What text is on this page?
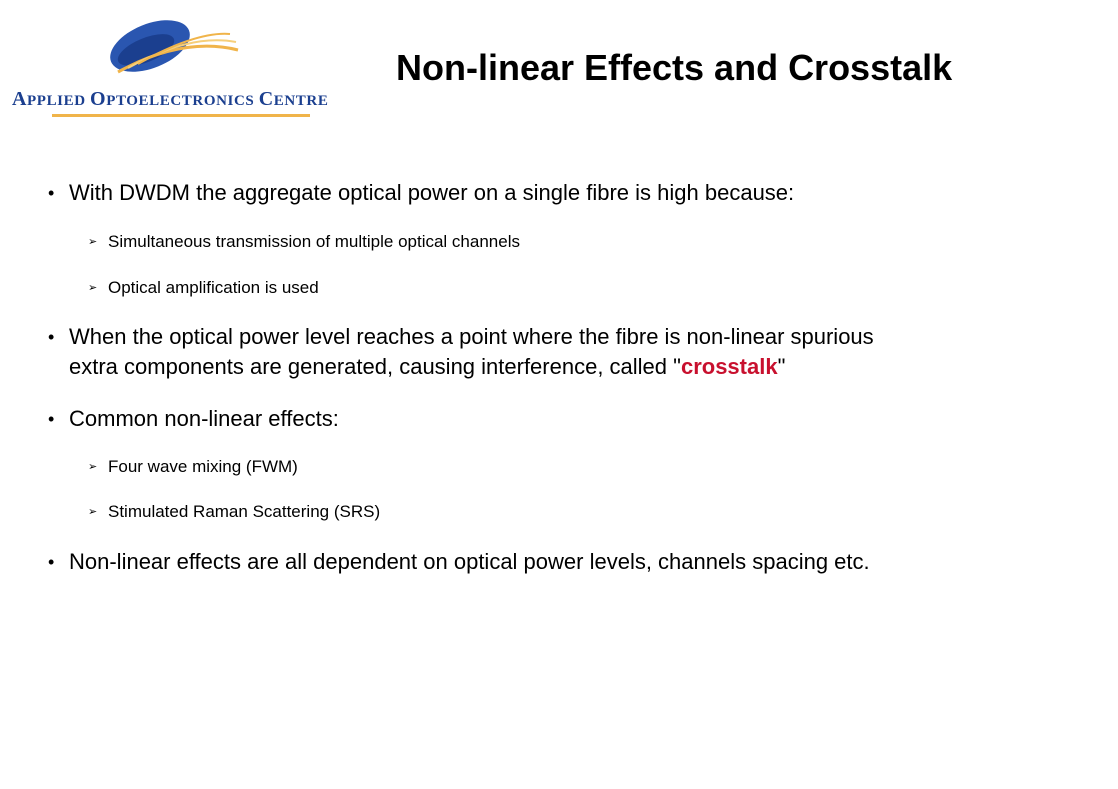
APPLIED OPTOELECTRONICS CENTRE
Non-linear Effects and Crosstalk
• With DWDM the aggregate optical power on a single fibre is high because:
➢ Simultaneous transmission of multiple optical channels
➢ Optical amplification is used
• When the optical power level reaches a point where the fibre is non-linear spurious
extra components are generated, causing interference, called "crosstalk"
• Common non-linear effects:
➢ Four wave mixing (FWM)
➢ Stimulated Raman Scattering (SRS)
• Non-linear effects are all dependent on optical power levels, channels spacing etc.
